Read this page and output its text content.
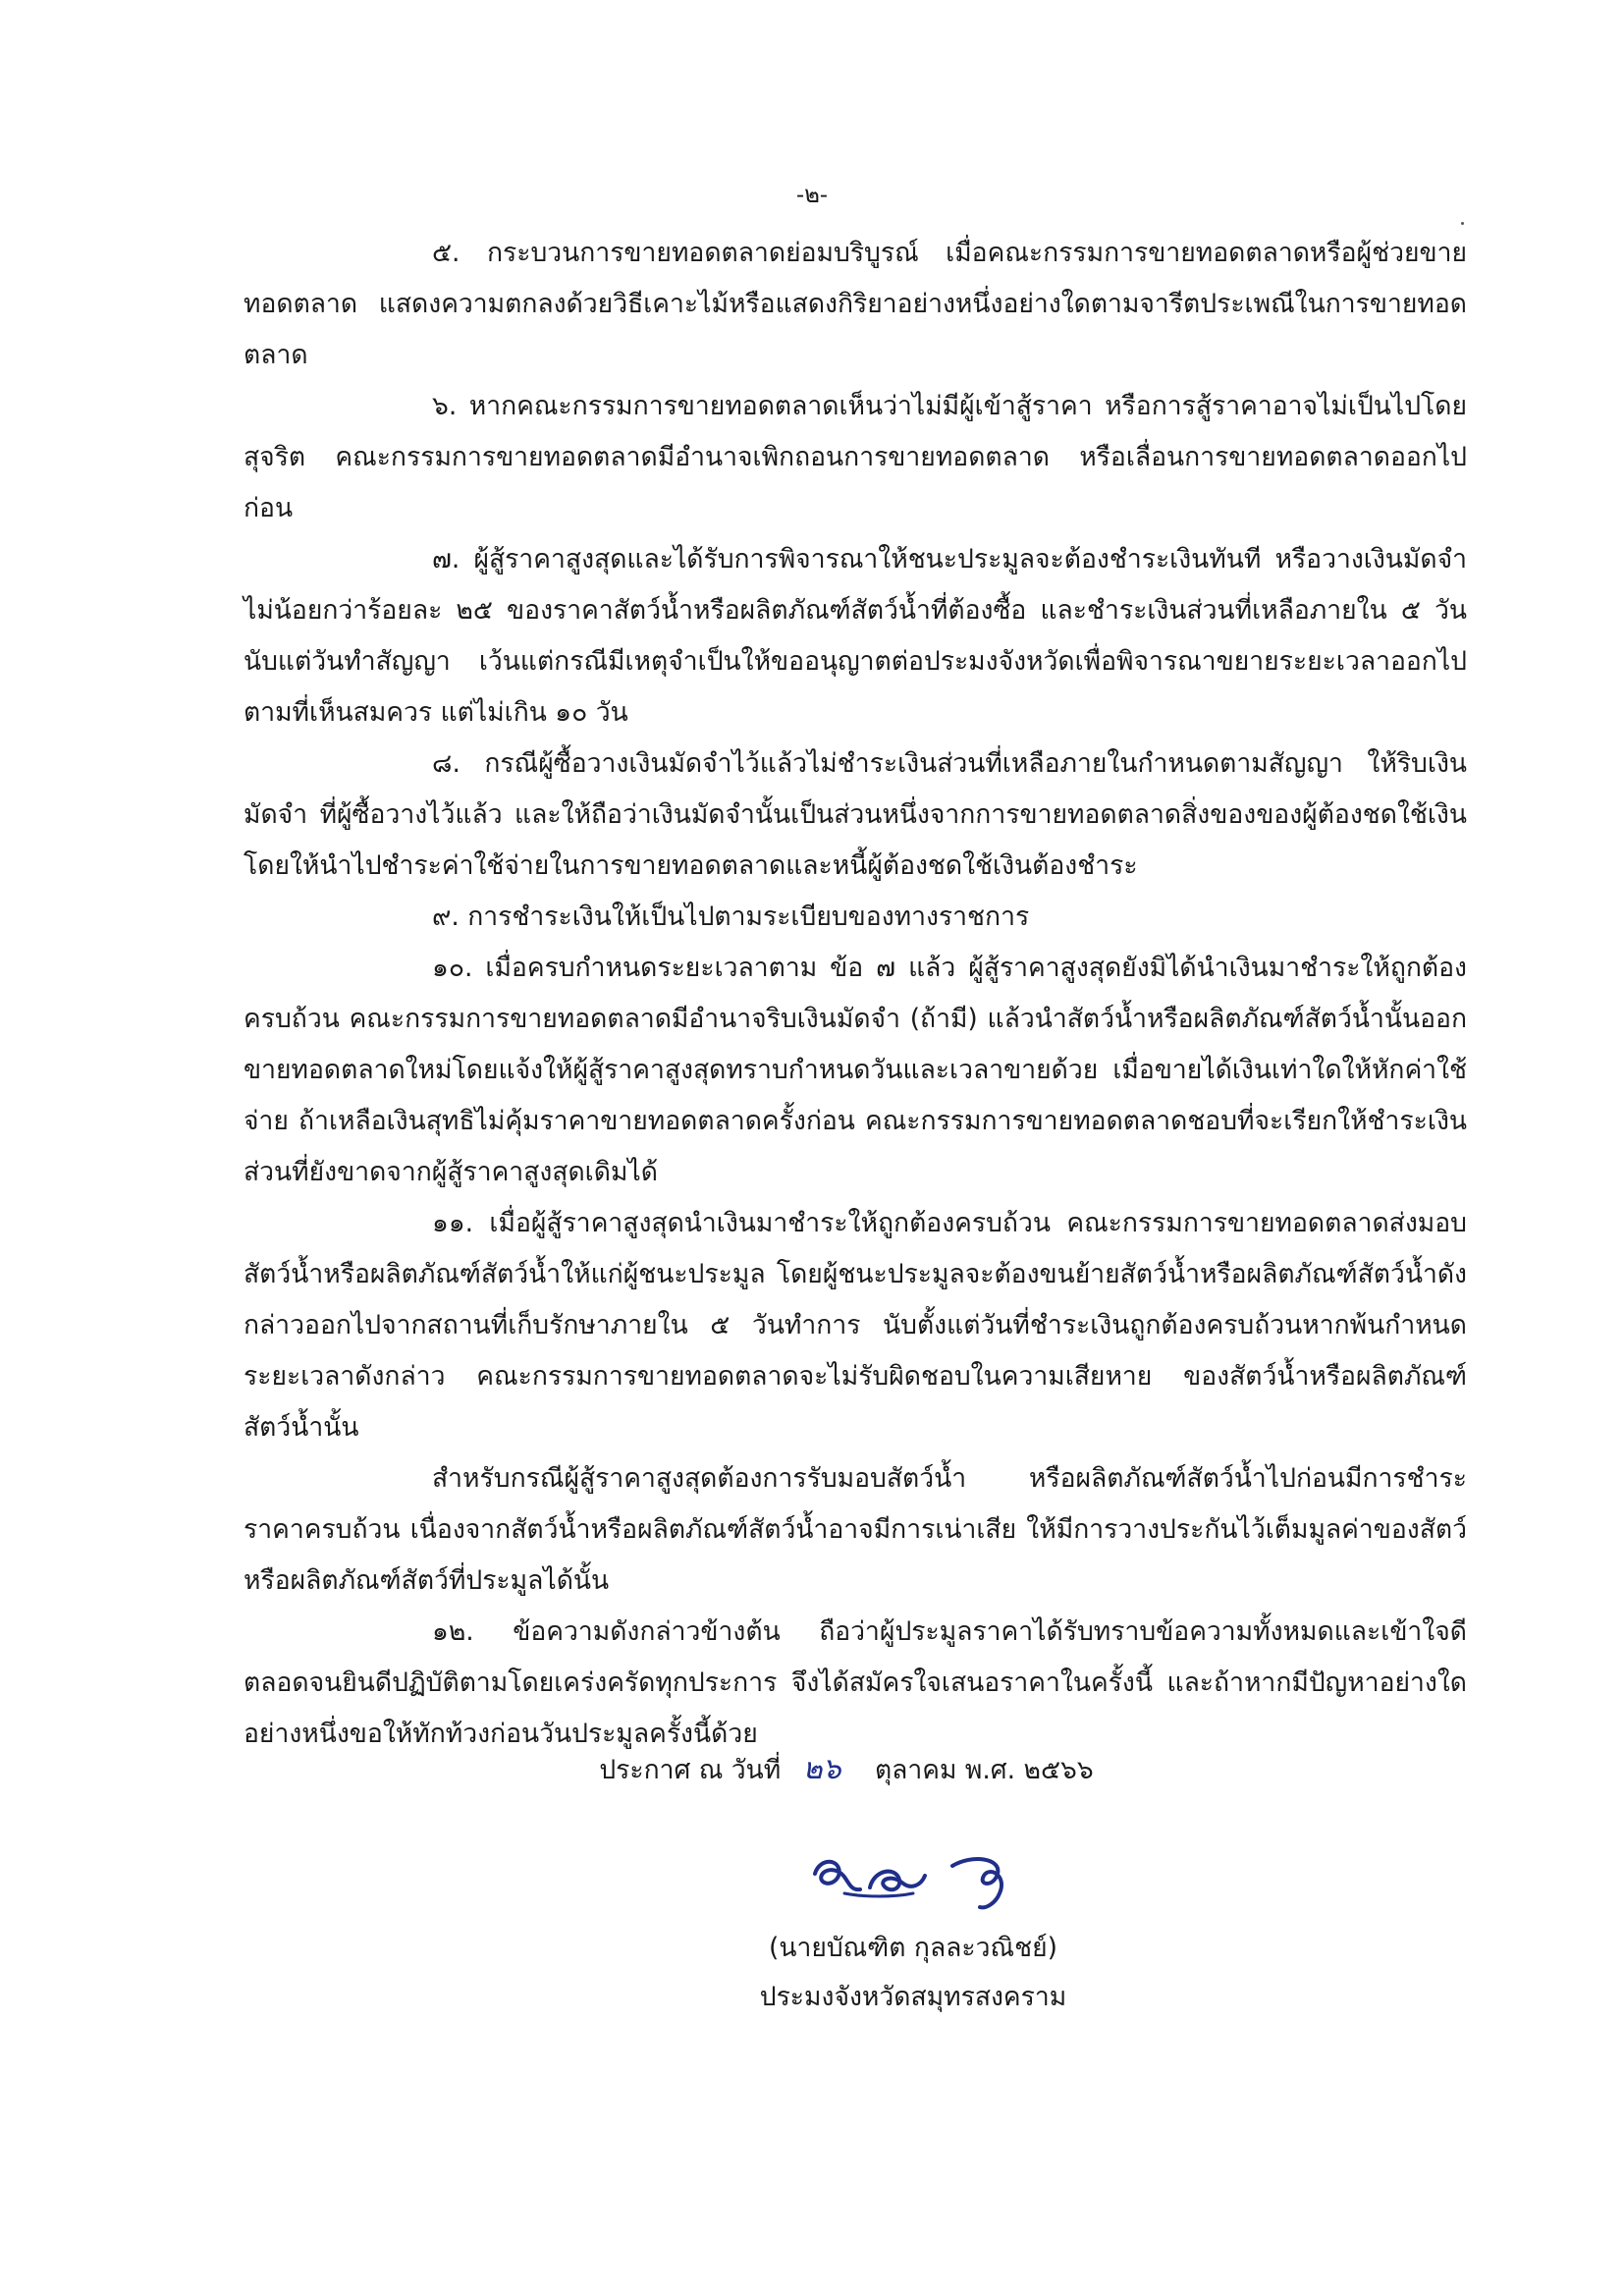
-๒-

๕. กระบวนการขายทอดตลาดย่อมบริบูรณ์ เมื่อคณะกรรมการขายทอดตลาดหรือผู้ช่วยขายทอดตลาด แสดงความตกลงด้วยวิธีเคาะไม้หรือแสดงกิริยาอย่างหนึ่งอย่างใดตามจารีตประเพณีในการขายทอดตลาด

๖. หากคณะกรรมการขายทอดตลาดเห็นว่าไม่มีผู้เข้าสู้ราคา หรือการสู้ราคาอาจไม่เป็นไปโดยสุจริต คณะกรรมการขายทอดตลาดมีอำนาจเพิกถอนการขายทอดตลาด หรือเลื่อนการขายทอดตลาดออกไปก่อน

๗. ผู้สู้ราคาสูงสุดและได้รับการพิจารณาให้ชนะประมูลจะต้องชำระเงินทันที หรือวางเงินมัดจำไม่น้อยกว่าร้อยละ ๒๕ ของราคาสัตว์น้ำหรือผลิตภัณฑ์สัตว์น้ำที่ต้องซื้อ และชำระเงินส่วนที่เหลือภายใน ๕ วันนับแต่วันทำสัญญา เว้นแต่กรณีมีเหตุจำเป็นให้ขออนุญาตต่อประมงจังหวัดเพื่อพิจารณาขยายระยะเวลาออกไปตามที่เห็นสมควร แต่ไม่เกิน ๑๐ วัน

๘. กรณีผู้ซื้อวางเงินมัดจำไว้แล้วไม่ชำระเงินส่วนที่เหลือภายในกำหนดตามสัญญา ให้ริบเงินมัดจำ ที่ผู้ซื้อวางไว้แล้ว และให้ถือว่าเงินมัดจำนั้นเป็นส่วนหนึ่งจากการขายทอดตลาดสิ่งของของผู้ต้องชดใช้เงินโดยให้นำไปชำระค่าใช้จ่ายในการขายทอดตลาดและหนี้ผู้ต้องชดใช้เงินต้องชำระ

๙. การชำระเงินให้เป็นไปตามระเบียบของทางราชการ

๑๐. เมื่อครบกำหนดระยะเวลาตาม ข้อ ๗ แล้ว ผู้สู้ราคาสูงสุดยังมิได้นำเงินมาชำระให้ถูกต้องครบถ้วน คณะกรรมการขายทอดตลาดมีอำนาจริบเงินมัดจำ (ถ้ามี) แล้วนำสัตว์น้ำหรือผลิตภัณฑ์สัตว์น้ำนั้นออกขายทอดตลาดใหม่โดยแจ้งให้ผู้สู้ราคาสูงสุดทราบกำหนดวันและเวลาขายด้วย เมื่อขายได้เงินเท่าใดให้หักค่าใช้จ่าย ถ้าเหลือเงินสุทธิไม่คุ้มราคาขายทอดตลาดครั้งก่อน คณะกรรมการขายทอดตลาดชอบที่จะเรียกให้ชำระเงินส่วนที่ยังขาดจากผู้สู้ราคาสูงสุดเดิมได้

๑๑. เมื่อผู้สู้ราคาสูงสุดนำเงินมาชำระให้ถูกต้องครบถ้วน คณะกรรมการขายทอดตลาดส่งมอบสัตว์น้ำหรือผลิตภัณฑ์สัตว์น้ำให้แก่ผู้ชนะประมูล โดยผู้ชนะประมูลจะต้องขนย้ายสัตว์น้ำหรือผลิตภัณฑ์สัตว์น้ำดังกล่าวออกไปจากสถานที่เก็บรักษาภายใน ๕ วันทำการ นับตั้งแต่วันที่ชำระเงินถูกต้องครบถ้วนหากพ้นกำหนดระยะเวลาดังกล่าว คณะกรรมการขายทอดตลาดจะไม่รับผิดชอบในความเสียหาย ของสัตว์น้ำหรือผลิตภัณฑ์สัตว์น้ำนั้น

สำหรับกรณีผู้สู้ราคาสูงสุดต้องการรับมอบสัตว์น้ำ หรือผลิตภัณฑ์สัตว์น้ำไปก่อนมีการชำระราคาครบถ้วน เนื่องจากสัตว์น้ำหรือผลิตภัณฑ์สัตว์น้ำอาจมีการเน่าเสีย ให้มีการวางประกันไว้เต็มมูลค่าของสัตว์หรือผลิตภัณฑ์สัตว์ที่ประมูลได้นั้น

๑๒. ข้อความดังกล่าวข้างต้น ถือว่าผู้ประมูลราคาได้รับทราบข้อความทั้งหมดและเข้าใจดีตลอดจนยินดีปฏิบัติตามโดยเคร่งครัดทุกประการ จึงได้สมัครใจเสนอราคาในครั้งนี้ และถ้าหากมีปัญหาอย่างใดอย่างหนึ่งขอให้ทักท้วงก่อนวันประมูลครั้งนี้ด้วย

ประกาศ ณ วันที่ ๒๖ ตุลาคม พ.ศ. ๒๕๖๖
(นายบัณฑิต กุลละวณิชย์)
ประมงจังหวัดสมุทรสงคราม
